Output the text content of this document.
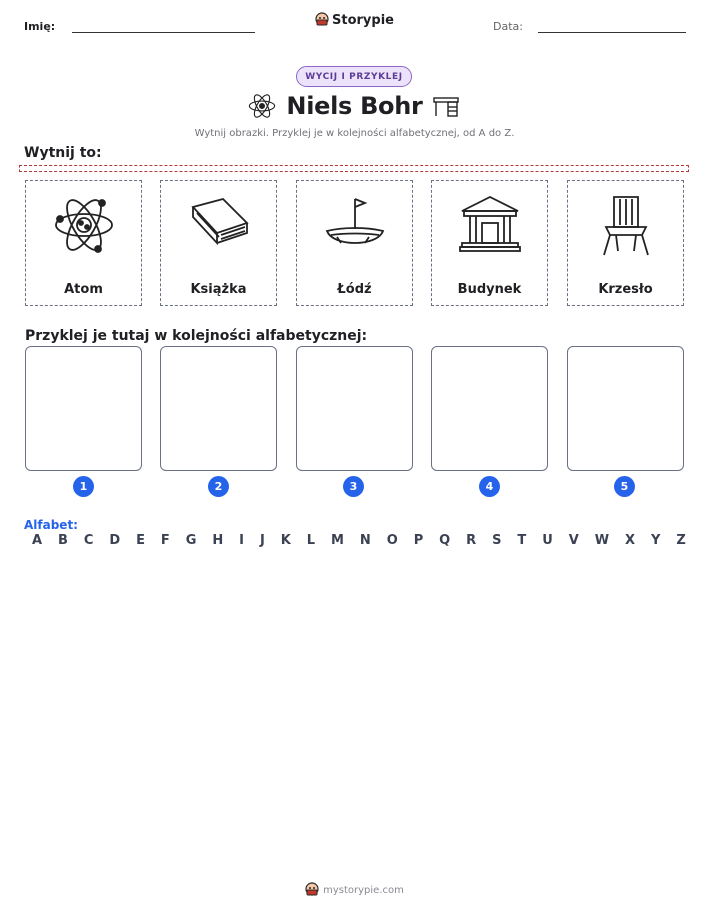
Imię:	Storypie	Data:
WYCIJ I PRZYKLEJ
Niels Bohr
Wytnij obrazki. Przyklej je w kolejności alfabetycznej, od A do Z.
Wytnij to:
Atom	Książka	Łódź	Budynek	Krzesło
Przyklej je tutaj w kolejności alfabetycznej:
1	2	3	4	5
Alfabet:
A B C D E F G H I J K L M N O P Q R S T U V W X Y Z
mystorypie.com
